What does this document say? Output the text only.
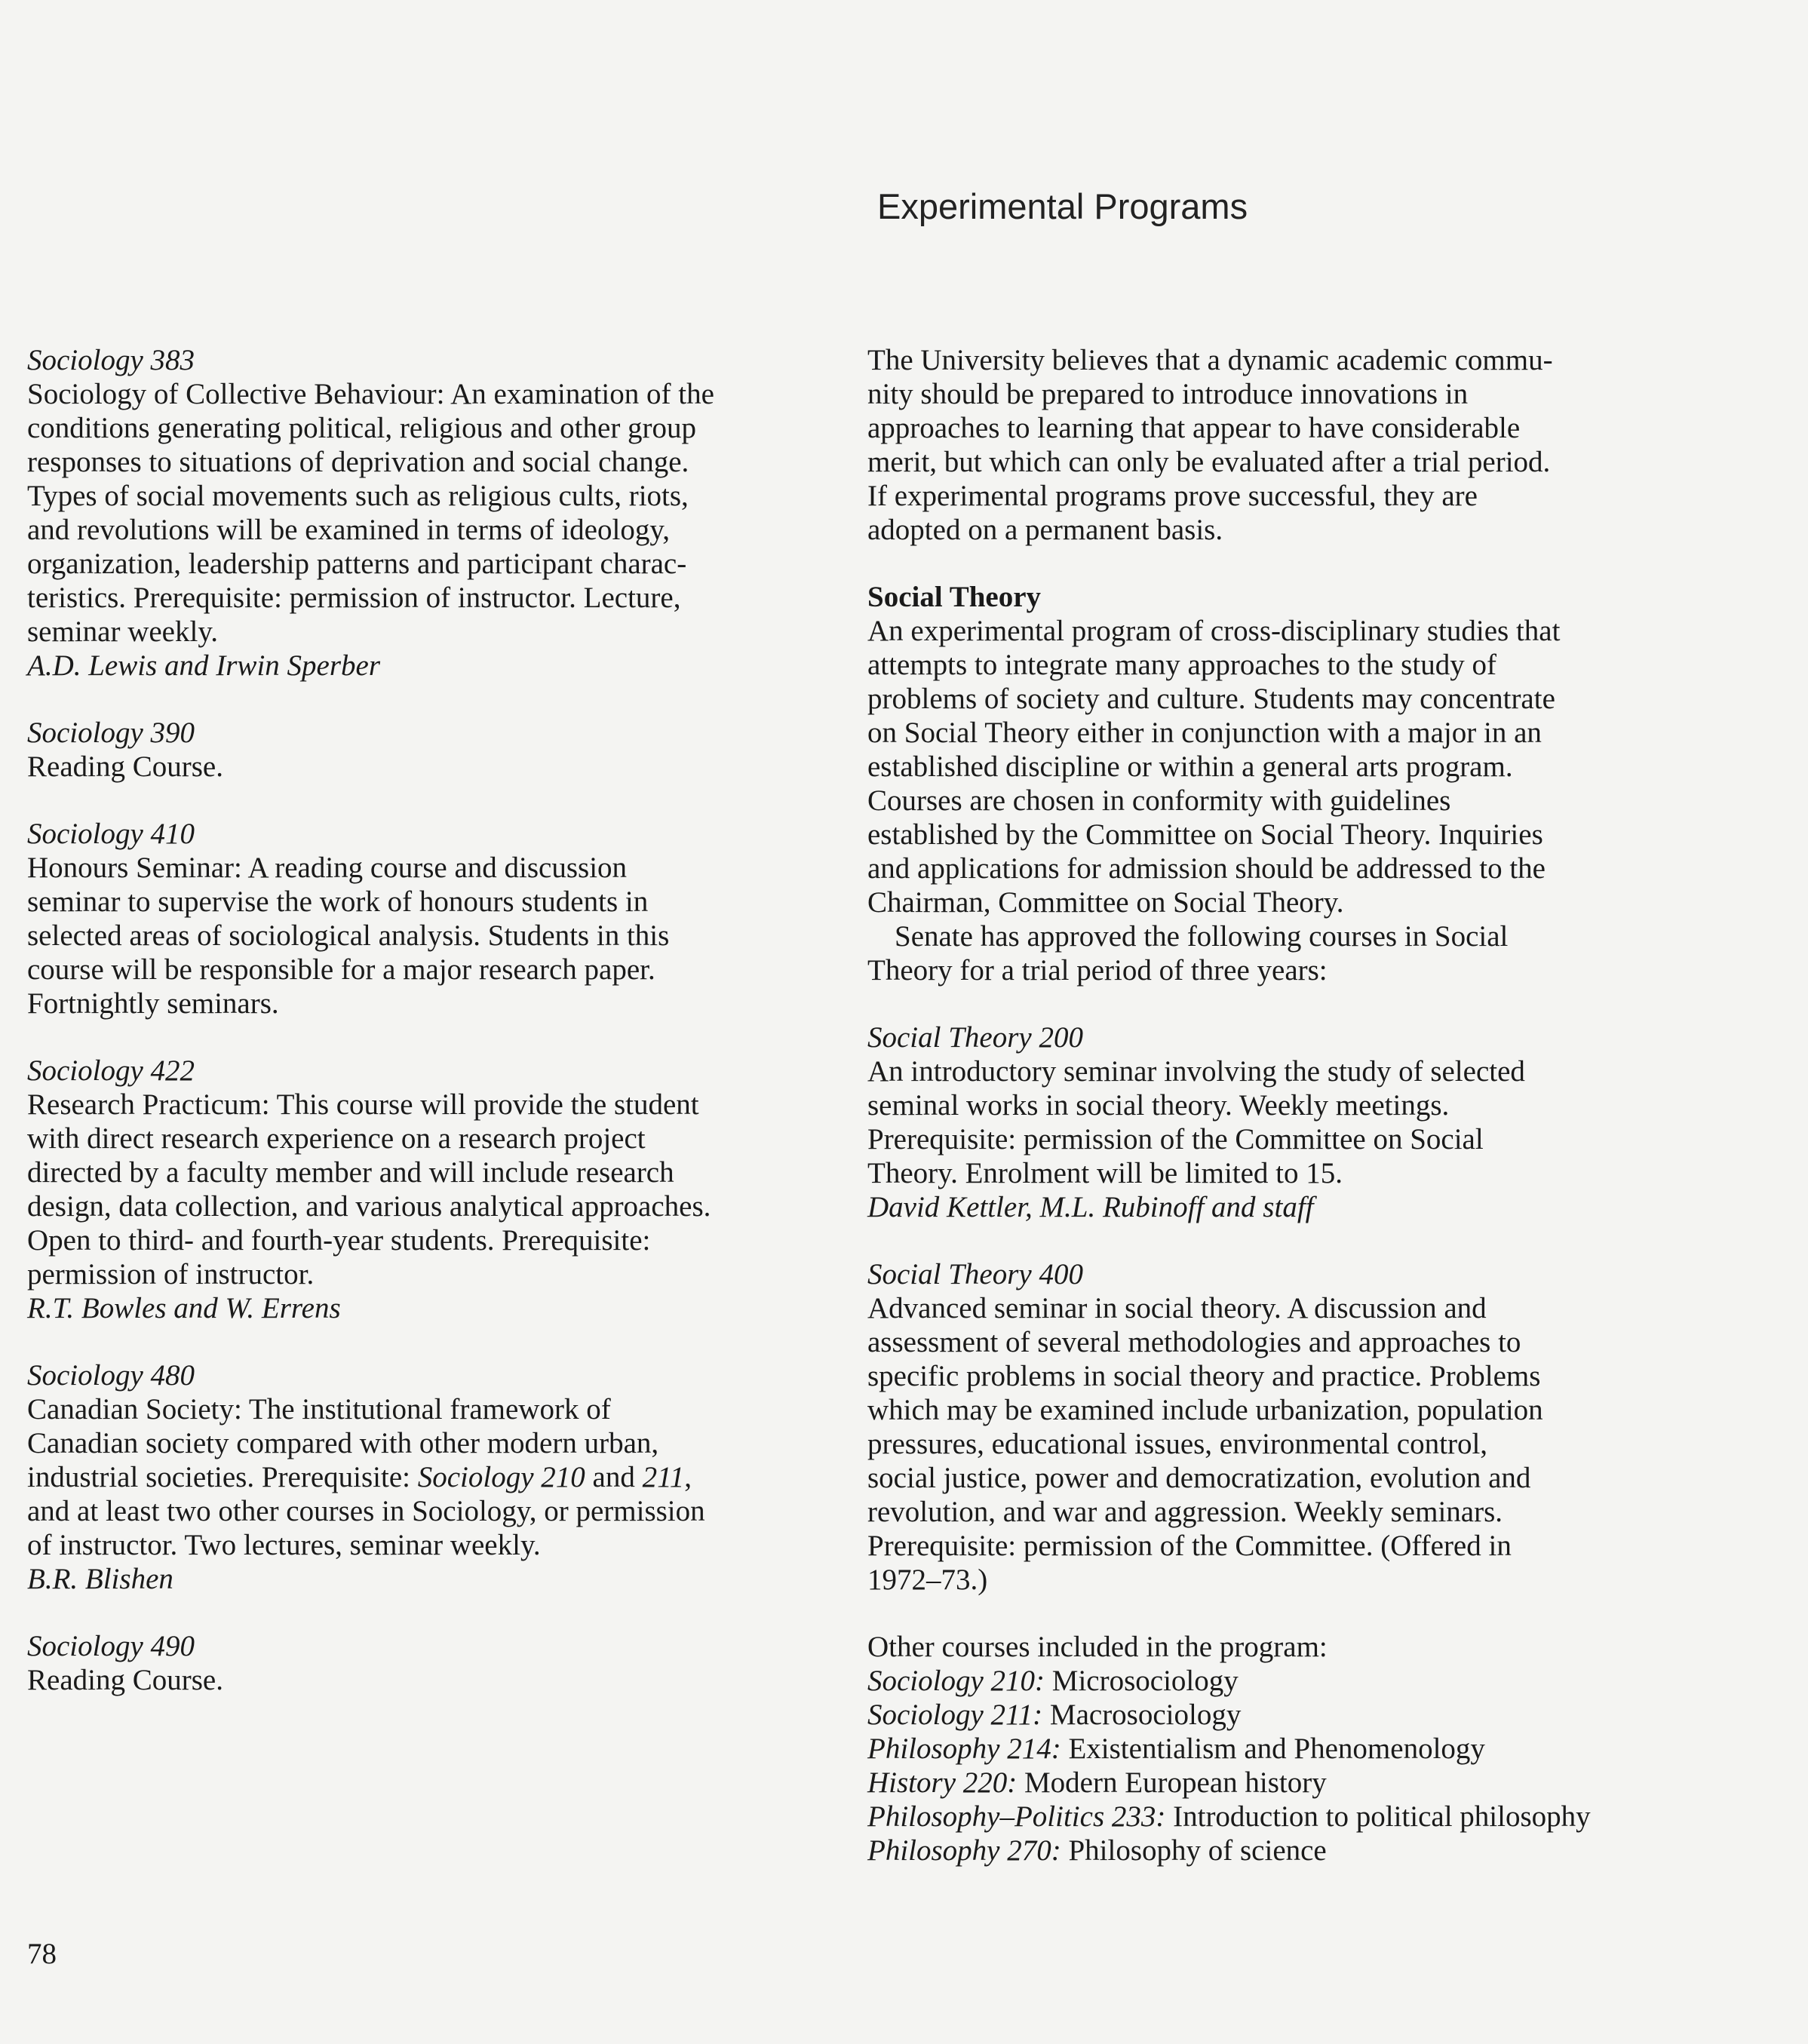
Experimental Programs
Sociology 383
Sociology of Collective Behaviour: An examination of the
conditions generating political, religious and other group
responses to situations of deprivation and social change.
Types of social movements such as religious cults, riots,
and revolutions will be examined in terms of ideology,
organization, leadership patterns and participant charac-
teristics. Prerequisite: permission of instructor. Lecture,
seminar weekly.
A.D. Lewis and Irwin Sperber
Sociology 390
Reading Course.
Sociology 410
Honours Seminar: A reading course and discussion
seminar to supervise the work of honours students in
selected areas of sociological analysis. Students in this
course will be responsible for a major research paper.
Fortnightly seminars.
Sociology 422
Research Practicum: This course will provide the student
with direct research experience on a research project
directed by a faculty member and will include research
design, data collection, and various analytical approaches.
Open to third- and fourth-year students. Prerequisite:
permission of instructor.
R.T. Bowles and W. Errens
Sociology 480
Canadian Society: The institutional framework of
Canadian society compared with other modern urban,
industrial societies. Prerequisite: Sociology 210 and 211,
and at least two other courses in Sociology, or permission
of instructor. Two lectures, seminar weekly.
B.R. Blishen
Sociology 490
Reading Course.

The University believes that a dynamic academic commu-
nity should be prepared to introduce innovations in
approaches to learning that appear to have considerable
merit, but which can only be evaluated after a trial period.
If experimental programs prove successful, they are
adopted on a permanent basis.

Social Theory

An experimental program of cross-disciplinary studies that
attempts to integrate many approaches to the study of
problems of society and culture. Students may concentrate
on Social Theory either in conjunction with a major in an
established discipline or within a general arts program.
Courses are chosen in conformity with guidelines
established by the Committee on Social Theory. Inquiries
and applications for admission should be addressed to the
Chairman, Committee on Social Theory.

Senate has approved the following courses in Social
Theory for a trial period of three years:

Social Theory 200
An introductory seminar involving the study of selected
seminal works in social theory. Weekly meetings.
Prerequisite: permission of the Committee on Social
Theory. Enrolment will be limited to 15.
David Kettler, M.L. Rubinoff and staff
Social Theory 400
Advanced seminar in social theory. A discussion and
assessment of several methodologies and approaches to
specific problems in social theory and practice. Problems
which may be examined include urbanization, population
pressures, educational issues, environmental control,
social justice, power and democratization, evolution and
revolution, and war and aggression. Weekly seminars.
Prerequisite: permission of the Committee. (Offered in
1972–73.)
Other courses included in the program:
Sociology 210: Microsociology
Sociology 211: Macrosociology
Philosophy 214: Existentialism and Phenomenology
History 220: Modern European history
Philosophy–Politics 233: Introduction to political philosophy
Philosophy 270: Philosophy of science
78
